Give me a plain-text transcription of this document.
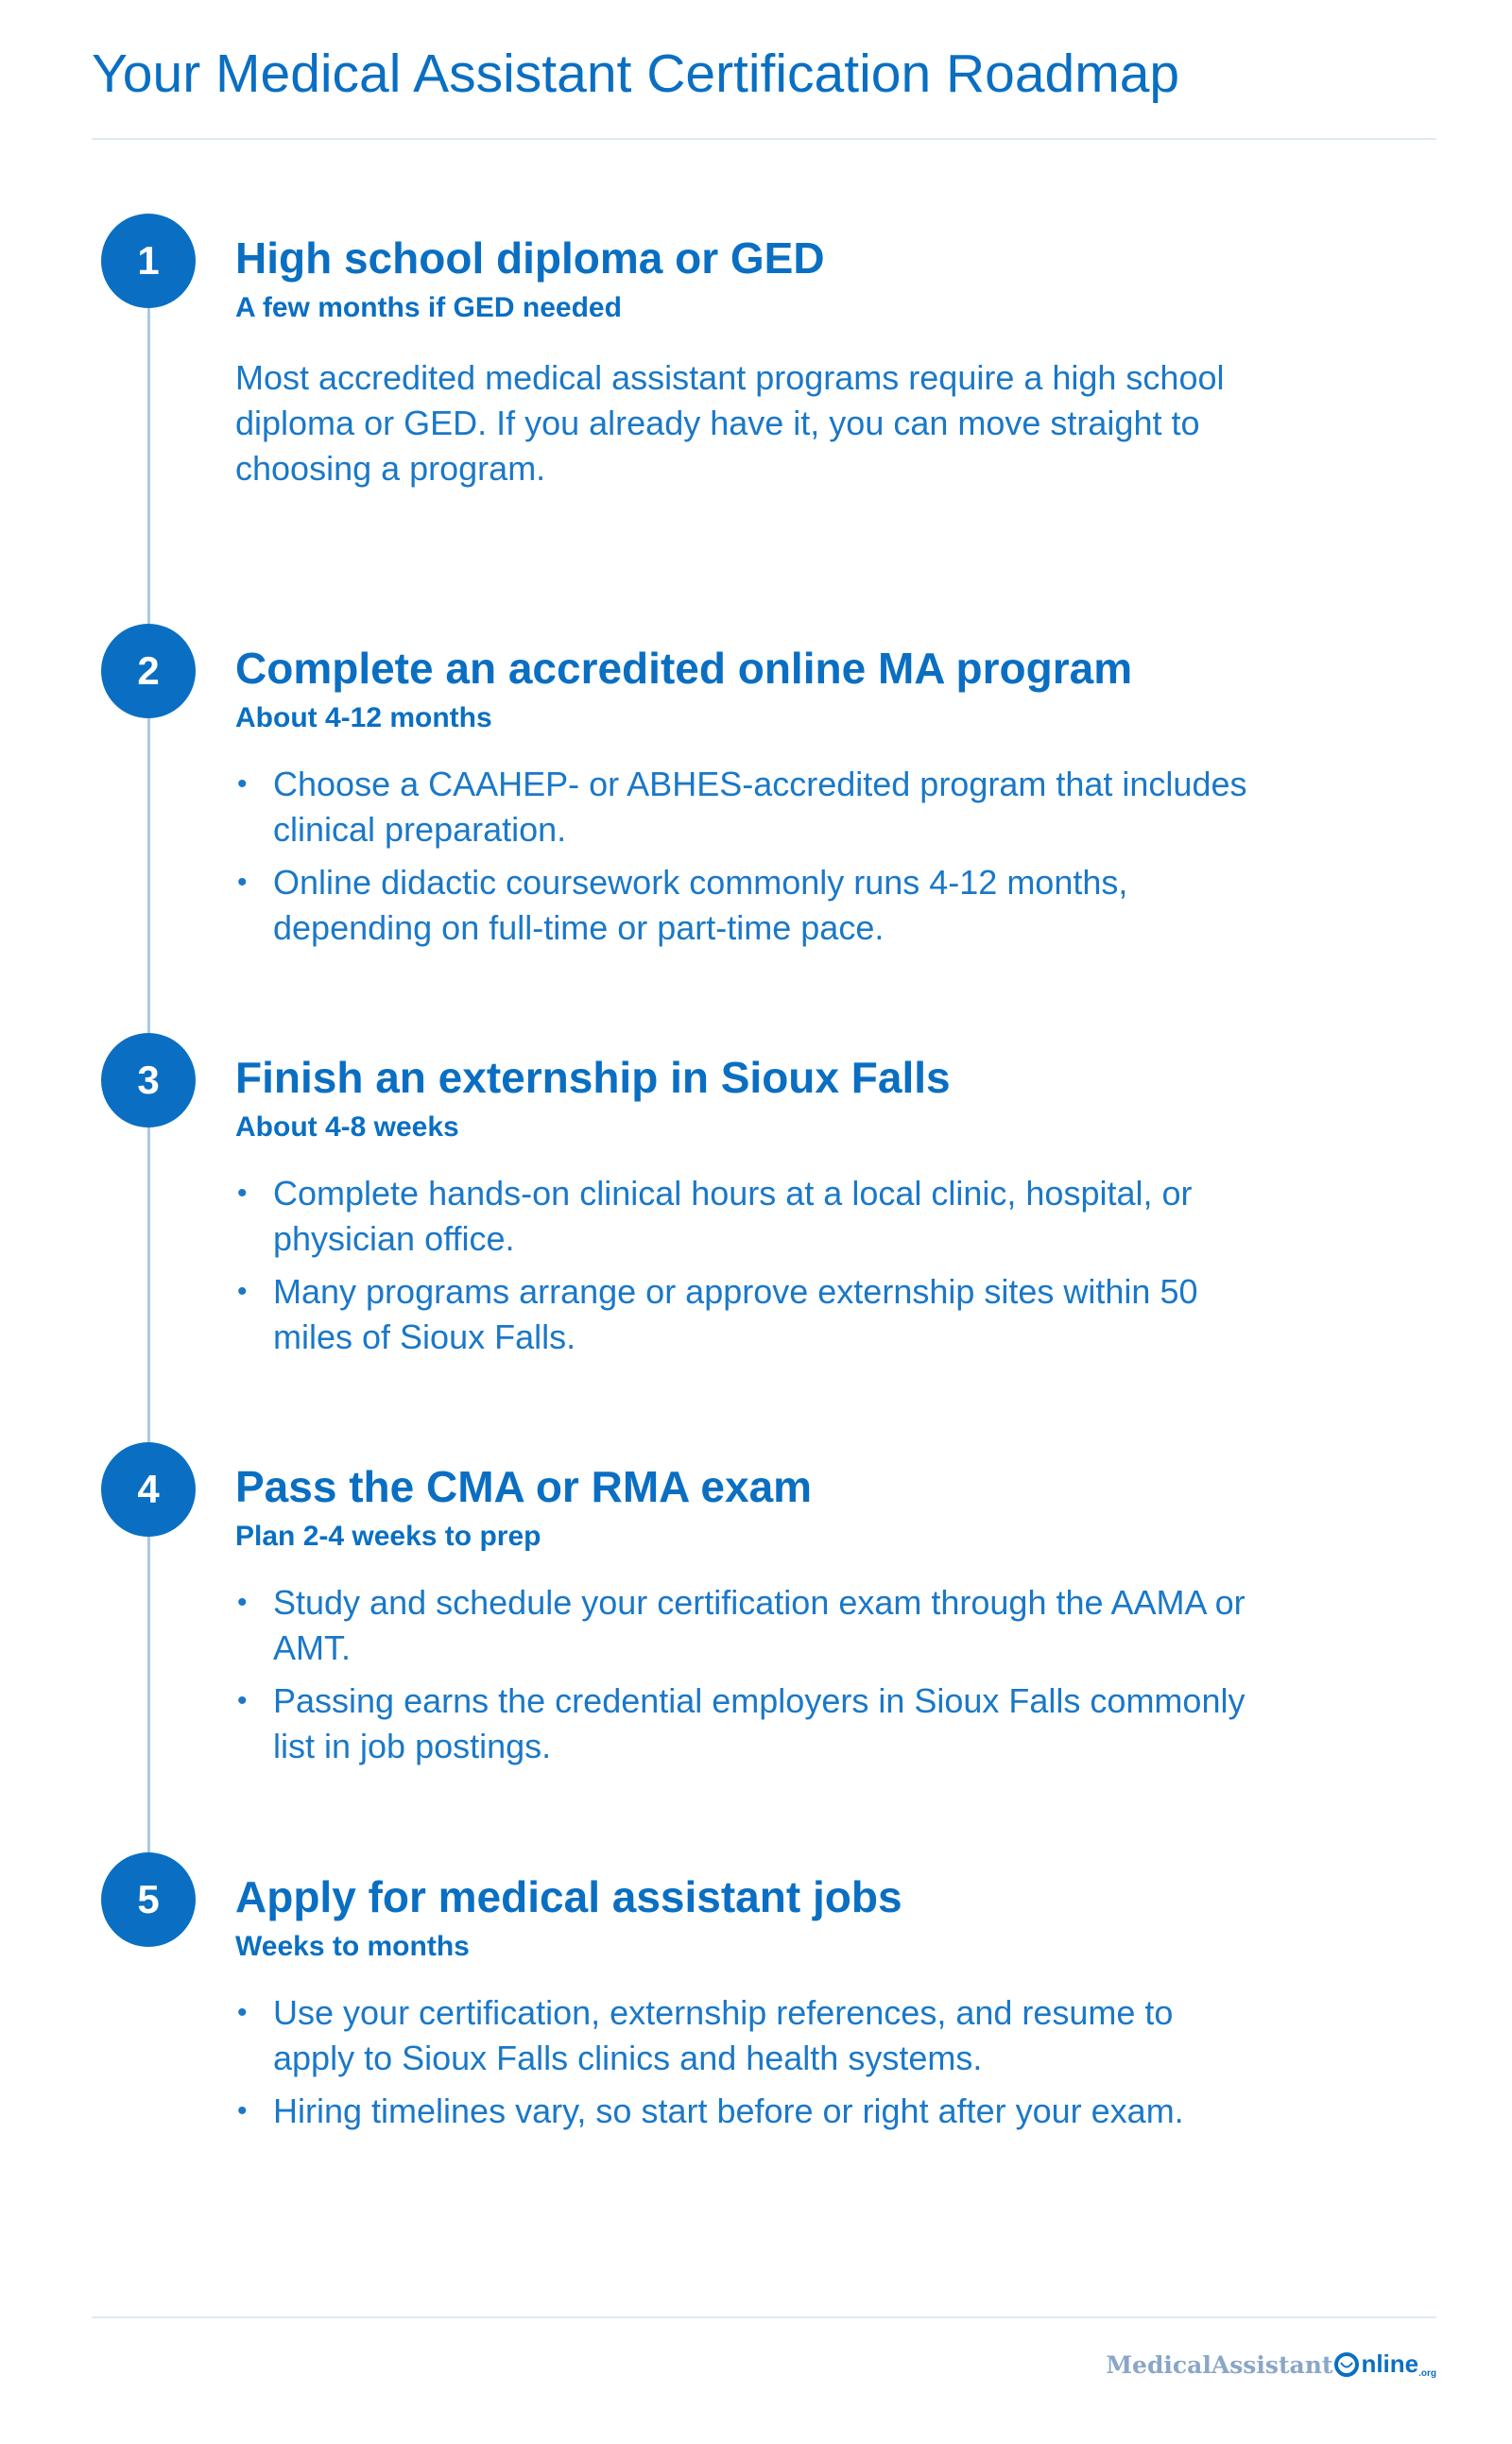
Your Medical Assistant Certification Roadmap
1	High school diploma or GED

A few months if GED needed

Most accredited medical assistant programs require a high school diploma or GED. If you already have it, you can move straight to choosing a program.

2	Complete an accredited online MA program

About 4-12 months

• Choose a CAAHEP- or ABHES-accredited program that includes clinical preparation.
• Online didactic coursework commonly runs 4-12 months, depending on full-time or part-time pace.
3	Finish an externship in Sioux Falls

About 4-8 weeks

• Complete hands-on clinical hours at a local clinic, hospital, or physician office.
• Many programs arrange or approve externship sites within 50 miles of Sioux Falls.
4	Pass the CMA or RMA exam

Plan 2-4 weeks to prep

• Study and schedule your certification exam through the AAMA or AMT.
• Passing earns the credential employers in Sioux Falls commonly list in job postings.
5	Apply for medical assistant jobs

Weeks to months

• Use your certification, externship references, and resume to apply to Sioux Falls clinics and health systems.
• Hiring timelines vary, so start before or right after your exam.
MedicalAssistant nline .org
